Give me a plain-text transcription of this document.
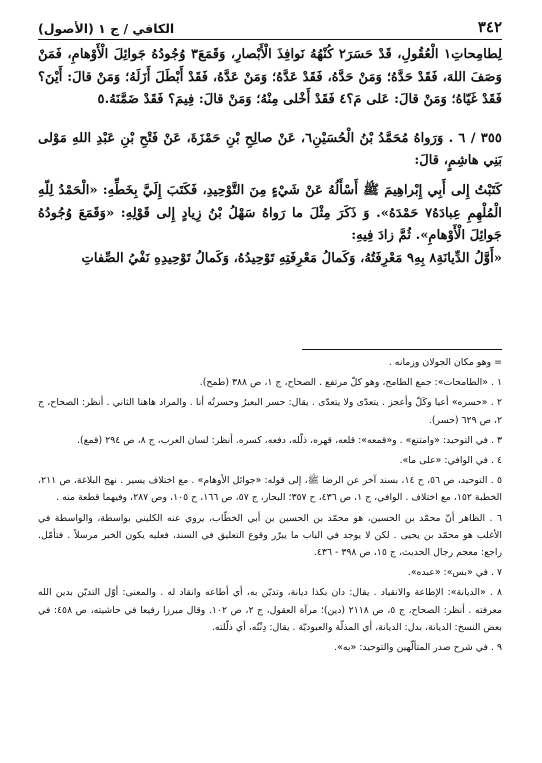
٣٤٢
الكافي / ج ١ (الأصول)

لِطامِحاتِ١ الْعُقُولِ، قَدْ حَسَرَ٢ كُنْهُهُ نَوافِذَ الْأَبْصارِ، وَقَمَعَ٣ وُجُودُهُ جَوائِلَ الْأَوْهامِ، فَمَنْ وَصَفَ اللهَ، فَقَدْ حَدَّهُ؛ وَمَنْ حَدَّهُ، فَقَدْ عَدَّهُ؛ وَمَنْ عَدَّهُ، فَقَدْ أَبْطَلَ أَزَلَهُ؛ وَمَنْ قالَ: أَيْنَ؟ فَقَدْ غَيّاهُ؛ وَمَنْ قالَ: عَلى مَ؟٤ فَقَدْ أَخْلى مِنْهُ؛ وَمَنْ قالَ: فِيمَ؟ فَقَدْ ضَمَّنَهُ.٥

٣٥٥ / ٦ . وَرَواهُ مُحَمَّدُ بْنُ الْحُسَيْنِ٦، عَنْ صالِحِ بْنِ حَمْزَةَ، عَنْ فَتْحِ بْنِ عَبْدِ اللهِ مَوْلى بَنِي هاشِمٍ، قالَ:

كَتَبْتُ إِلى أَبِي إِبْراهِيمَ ﷺ أَسْأَلُهُ عَنْ شَيْءٍ مِنَ التَّوْحِيدِ، فَكَتَبَ إِلَيَّ بِخَطِّهِ: «الْحَمْدُ لِلّهِ الْمُلْهِمِ عِبادَهُ٧ حَمْدَهُ». وَ ذَكَرَ مِثْلَ ما رَواهُ سَهْلُ بْنُ زِيادٍ إِلى قَوْلِهِ: «وَقَمَعَ وُجُودُهُ جَوائِلَ الْأَوْهامِ». ثُمَّ زادَ فِيهِ:

«أَوَّلُ الدِّيانَةِ٨ بِهِ٩ مَعْرِفَتُهُ، وَكَمالُ مَعْرِفَتِهِ تَوْحِيدُهُ، وَكَمالُ تَوْحِيدِهِ نَفْيُ الصِّفاتِ

= وهو مكان الجولان وزمانه .

١ . «الطامحات»: جمع الطامح، وهو كلّ مرتفع . الصحاح، ج ١، ص ٣٨٨ (طمح).

٢ . «حسره» أعيا وكَلّ وأعجز . يتعدّى ولا يتعدّى . يقال: حسر البعيرُ وحسرتُه أنا . والمراد هاهنا الثاني . أنظر: الصحاح، ج ٢، ص ٦٢٩ (حسر).

٣ . في التوحيد: «وامتنع» . و«قمعه»: قلعه، قهره، ذلّله، دفعه، كسره. أنظر: لسان العرب، ج ٨، ص ٢٩٤ (قمع).

٤ . في الوافي: «على ما».

٥ . التوحيد، ص ٥٦، ح ١٤، بسند آخر عن الرضا ﷺ، إلى قوله: «جوائل الأوهام» . مع اختلاف يسير . نهج البلاغة، ص ٢١١، الخطبة ١٥٢، مع اختلاف . الوافي، ج ١، ص ٤٣٦، ح ٣٥٧؛ البحار، ج ٥٧، ص ١٦٦، ح ١٠٥، وص ٢٨٧، وفيهما قطعة منه .

٦ . الظاهر أنّ محمّد بن الحسين، هو محمّد بن الحسين بن أبي الخطّاب، يروي عنه الكليني بواسطة، والواسطة في الأغلب هو محمّد بن يحيى . لكن لا يوجد في الباب ما يبرّر وقوع التعليق في السند، فعليه يكون الخبر مرسلاً . فتأمّل. راجع: معجم رجال الحديث، ج ١٥، ص ٣٩٨ - ٤٣٦.

٧ . في «بس»: «عبده».

٨ . «الديانة»: الإطاعة والانقياد . يقال: دان بكذا ديانة، وتديّن به، أي أطاعه وانقاد له . والمعنى: أوّل التديّن بدين الله معرفته . أنظر: الصحاح، ج ٥، ص ٢١١٨ (دين)؛ مرآة العقول، ج ٢، ص ١٠٢. وقال ميرزا رفيعا في حاشيته، ص ٤٥٨: في بعض النسخ: الديانة، بدل: الديانة، أي المذلّة والعبوديّة . يقال: دِنْتُه، أي ذلّلته.

٩ . في شرح صدر المتألّهين والتوحيد: «به».
